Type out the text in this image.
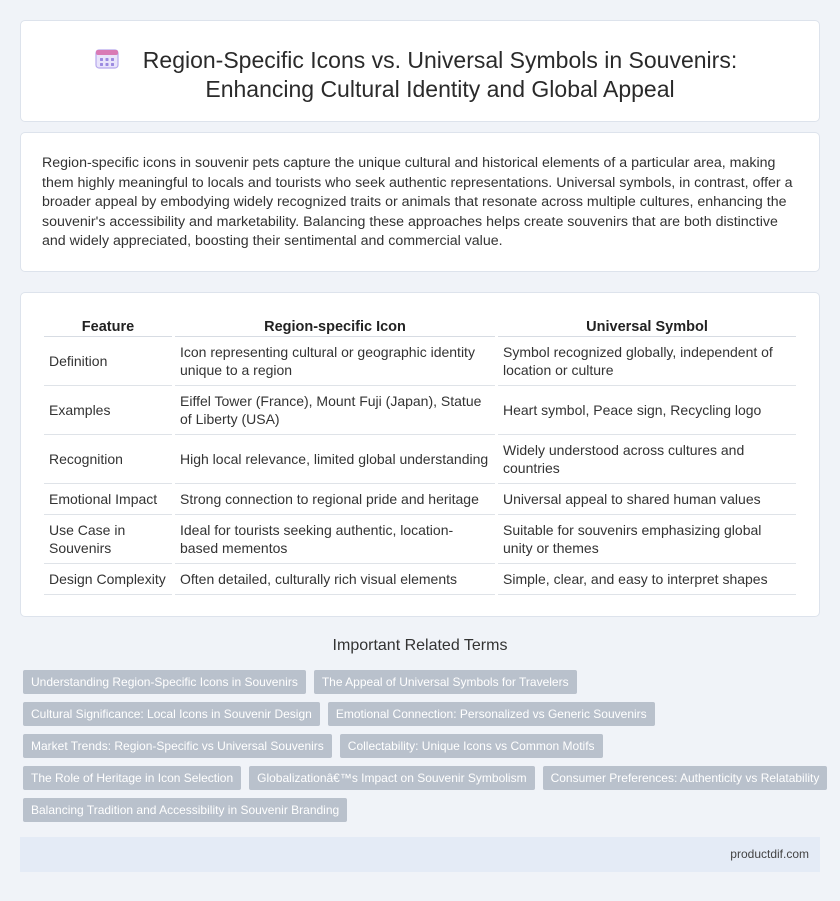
Region-Specific Icons vs. Universal Symbols in Souvenirs:
Enhancing Cultural Identity and Global Appeal

Region-specific icons in souvenir pets capture the unique cultural and historical elements of a particular area, making them highly meaningful to locals and tourists who seek authentic representations. Universal symbols, in contrast, offer a broader appeal by embodying widely recognized traits or animals that resonate across multiple cultures, enhancing the souvenir's accessibility and marketability. Balancing these approaches helps create souvenirs that are both distinctive and widely appreciated, boosting their sentimental and commercial value.

Feature	Region-specific Icon	Universal Symbol
Definition	Icon representing cultural or geographic identity unique to a region	Symbol recognized globally, independent of location or culture
Examples	Eiffel Tower (France), Mount Fuji (Japan), Statue of Liberty (USA)	Heart symbol, Peace sign, Recycling logo
Recognition	High local relevance, limited global understanding	Widely understood across cultures and countries
Emotional Impact	Strong connection to regional pride and heritage	Universal appeal to shared human values
Use Case in Souvenirs	Ideal for tourists seeking authentic, location-based mementos	Suitable for souvenirs emphasizing global unity or themes
Design Complexity	Often detailed, culturally rich visual elements	Simple, clear, and easy to interpret shapes
Important Related Terms
Understanding Region-Specific Icons in Souvenirs	The Appeal of Universal Symbols for Travelers
Cultural Significance: Local Icons in Souvenir Design	Emotional Connection: Personalized vs Generic Souvenirs
Market Trends: Region-Specific vs Universal Souvenirs	Collectability: Unique Icons vs Common Motifs
The Role of Heritage in Icon Selection	Globalizationâ€™s Impact on Souvenir Symbolism	Consumer Preferences: Authenticity vs Relatability
Balancing Tradition and Accessibility in Souvenir Branding
productdif.com
